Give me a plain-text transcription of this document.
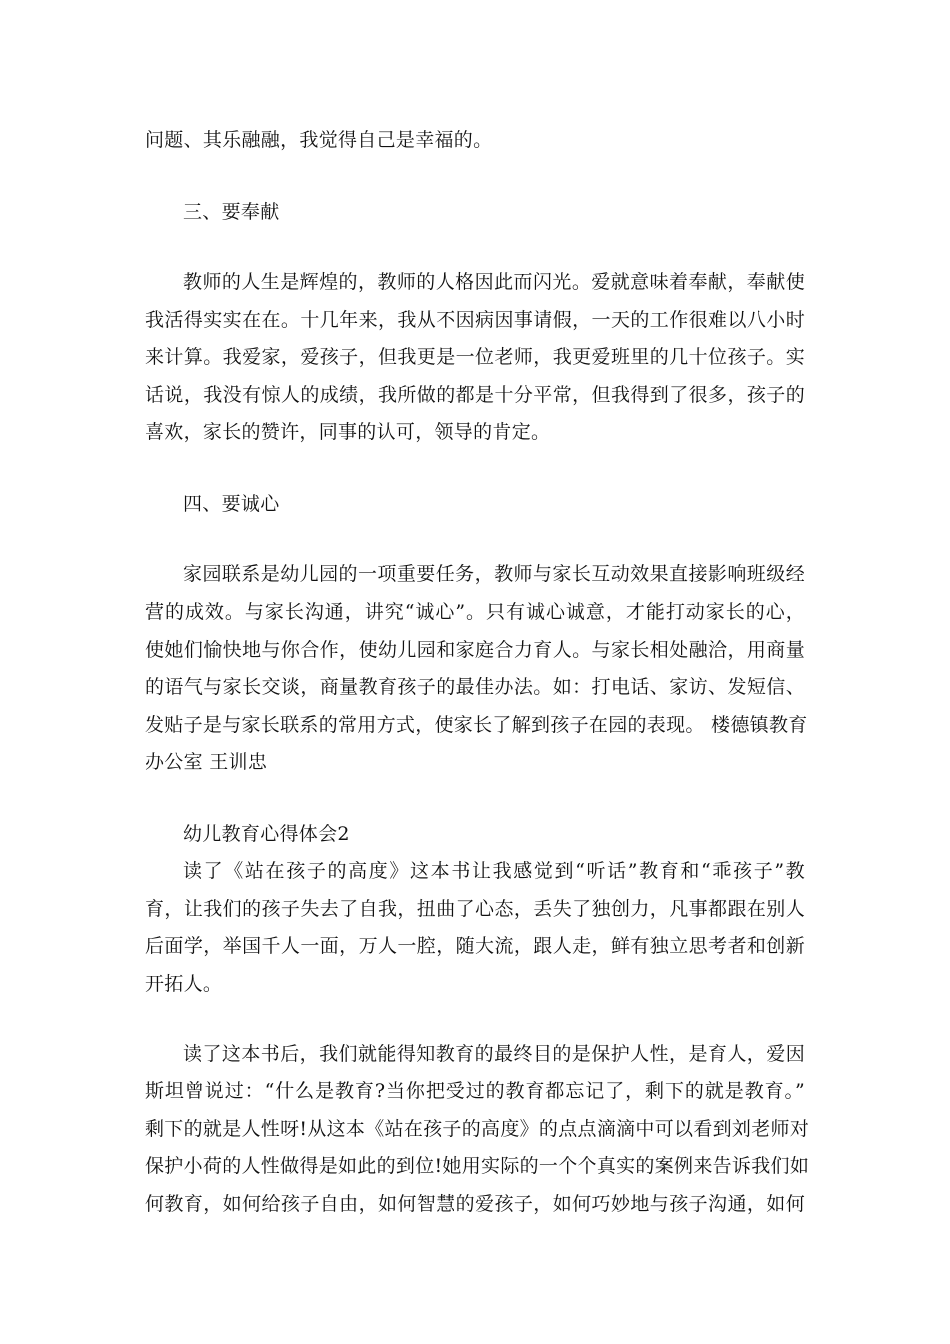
问题、其乐融融，我觉得自己是幸福的。
三、要奉献
教师的人生是辉煌的，教师的人格因此而闪光。爱就意味着奉献，奉献使
我活得实实在在。十几年来，我从不因病因事请假，一天的工作很难以八小时
来计算。我爱家，爱孩子，但我更是一位老师，我更爱班里的几十位孩子。实
话说，我没有惊人的成绩，我所做的都是十分平常，但我得到了很多，孩子的
喜欢，家长的赞许，同事的认可，领导的肯定。
四、要诚心
家园联系是幼儿园的一项重要任务，教师与家长互动效果直接影响班级经
营的成效。与家长沟通，讲究“诚心”。只有诚心诚意，才能打动家长的心，
使她们愉快地与你合作，使幼儿园和家庭合力育人。与家长相处融洽，用商量
的语气与家长交谈，商量教育孩子的最佳办法。如：打电话、家访、发短信、
发贴子是与家长联系的常用方式，使家长了解到孩子在园的表现。 楼德镇教育
办公室 王训忠
幼儿教育心得体会2
读了《站在孩子的高度》这本书让我感觉到“听话”教育和“乖孩子”教
育，让我们的孩子失去了自我，扭曲了心态，丢失了独创力，凡事都跟在别人
后面学，举国千人一面，万人一腔，随大流，跟人走，鲜有独立思考者和创新
开拓人。
读了这本书后，我们就能得知教育的最终目的是保护人性，是育人，爱因
斯坦曾说过：“什么是教育?当你把受过的教育都忘记了，剩下的就是教育。”
剩下的就是人性呀!从这本《站在孩子的高度》的点点滴滴中可以看到刘老师对
保护小荷的人性做得是如此的到位!她用实际的一个个真实的案例来告诉我们如
何教育，如何给孩子自由，如何智慧的爱孩子，如何巧妙地与孩子沟通，如何
